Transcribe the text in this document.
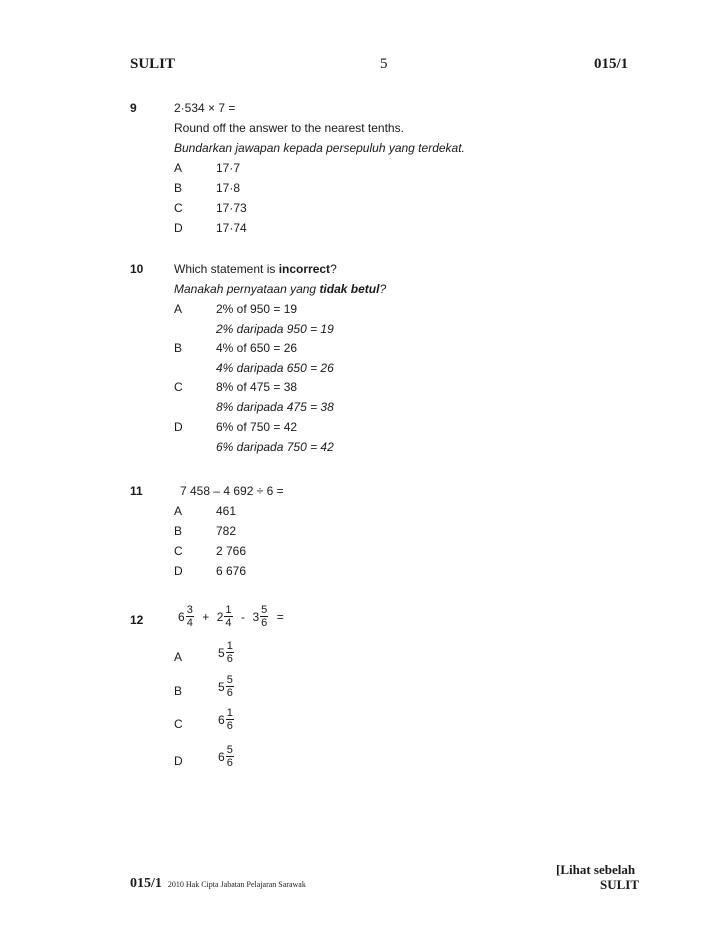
SULIT	5	015/1
9	2·534 × 7 =
Round off the answer to the nearest tenths.
Bundarkan jawapan kepada persepuluh yang terdekat.
A	17·7
B	17·8
C	17·73
D	17·74
10	Which statement is incorrect?
Manakah pernyataan yang tidak betul?
A	2% of 950 = 19
2% daripada 950 = 19
B	4% of 650 = 26
4% daripada 650 = 26
C	8% of 475 = 38
8% daripada 475 = 38
D	6% of 750 = 42
6% daripada 750 = 42
11	7 458 – 4 692 ÷ 6 =
A	461
B	782
C	2 766
D	6 676
12	$6 \frac{3}{4} + 2 \frac{1}{4} - 3 \frac{5}{6}$ =
A	$5 \frac{1}{6}$
B	$5 \frac{5}{6}$
C	$6 \frac{1}{6}$
D	$6 \frac{5}{6}$
015/1 2010 Hak Cipta Jabatan Pelajaran Sarawak
[Lihat sebelah
SULIT
